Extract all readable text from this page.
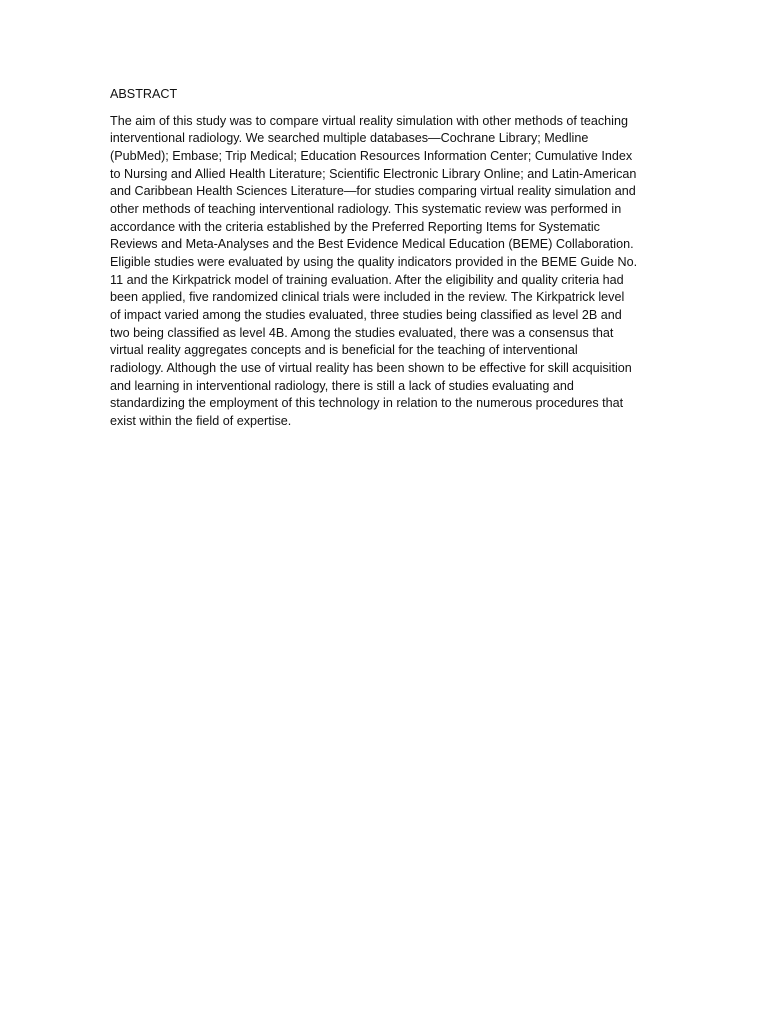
ABSTRACT

The aim of this study was to compare virtual reality simulation with other methods of teaching
interventional radiology. We searched multiple databases—Cochrane Library; Medline
(PubMed); Embase; Trip Medical; Education Resources Information Center; Cumulative Index
to Nursing and Allied Health Literature; Scientific Electronic Library Online; and Latin-American
and Caribbean Health Sciences Literature—for studies comparing virtual reality simulation and
other methods of teaching interventional radiology. This systematic review was performed in
accordance with the criteria established by the Preferred Reporting Items for Systematic
Reviews and Meta-Analyses and the Best Evidence Medical Education (BEME) Collaboration.
Eligible studies were evaluated by using the quality indicators provided in the BEME Guide No.
11 and the Kirkpatrick model of training evaluation. After the eligibility and quality criteria had
been applied, five randomized clinical trials were included in the review. The Kirkpatrick level
of impact varied among the studies evaluated, three studies being classified as level 2B and
two being classified as level 4B. Among the studies evaluated, there was a consensus that
virtual reality aggregates concepts and is beneficial for the teaching of interventional
radiology. Although the use of virtual reality has been shown to be effective for skill acquisition
and learning in interventional radiology, there is still a lack of studies evaluating and
standardizing the employment of this technology in relation to the numerous procedures that
exist within the field of expertise.
